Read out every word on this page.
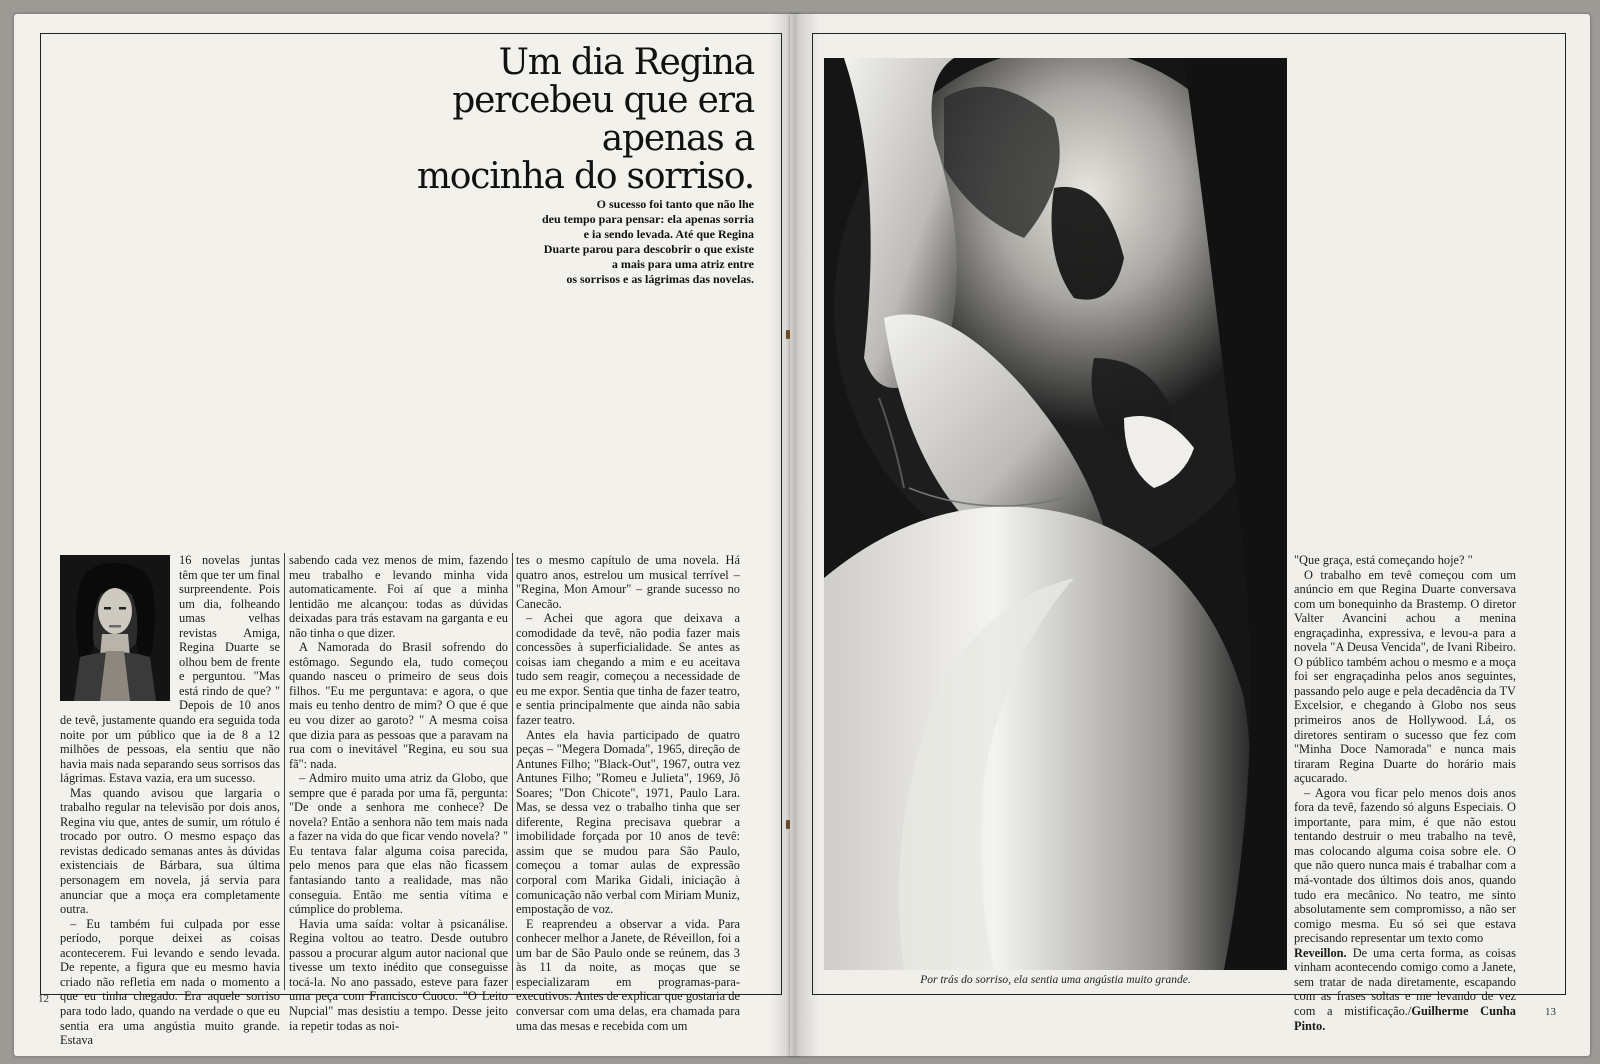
Um dia Regina
percebeu que era
apenas a
mocinha do sorriso.
O sucesso foi tanto que não lhe
deu tempo para pensar: ela apenas sorria
e ia sendo levada. Até que Regina
Duarte parou para descobrir o que existe
a mais para uma atriz entre
os sorrisos e as lágrimas das novelas.

16 novelas juntas têm que ter um final surpreendente. Pois um dia, folheando umas velhas revistas Amiga, Regina Duarte se olhou bem de frente e perguntou. "Mas está rindo de que? " Depois de 10 anos de tevê, justamente quando era seguida toda noite por um público que ia de 8 a 12 milhões de pessoas, ela sentiu que não havia mais nada separando seus sorrisos das lágrimas. Estava vazia, era um sucesso.

Mas quando avisou que largaria o trabalho regular na televisão por dois anos, Regina viu que, antes de sumir, um rótulo é trocado por outro. O mesmo espaço das revistas dedicado semanas antes às dúvidas existenciais de Bárbara, sua última personagem em novela, já servia para anunciar que a moça era completamente outra.

– Eu também fui culpada por esse período, porque deixei as coisas acontecerem. Fui levando e sendo levada. De repente, a figura que eu mesmo havia criado não refletia em nada o momento a que eu tinha chegado. Era aquele sorriso para todo lado, quando na verdade o que eu sentia era uma angústia muito grande. Estava

sabendo cada vez menos de mim, fazendo meu trabalho e levando minha vida automaticamente. Foi aí que a minha lentidão me alcançou: todas as dúvidas deixadas para trás estavam na garganta e eu não tinha o que dizer.

A Namorada do Brasil sofrendo do estômago. Segundo ela, tudo começou quando nasceu o primeiro de seus dois filhos. "Eu me perguntava: e agora, o que mais eu tenho dentro de mim? O que é que eu vou dizer ao garoto? " A mesma coisa que dizia para as pessoas que a paravam na rua com o inevitável "Regina, eu sou sua fã": nada.

– Admiro muito uma atriz da Globo, que sempre que é parada por uma fã, pergunta: "De onde a senhora me conhece? De novela? Então a senhora não tem mais nada a fazer na vida do que ficar vendo novela? " Eu tentava falar alguma coisa parecida, pelo menos para que elas não ficassem fantasiando tanto a realidade, mas não conseguia. Então me sentia vítima e cúmplice do problema.

Havia uma saída: voltar à psicanálise. Regina voltou ao teatro. Desde outubro passou a procurar algum autor nacional que tivesse um texto inédito que conseguisse tocá-la. No ano passado, esteve para fazer uma peça com Francisco Cuoco. "O Leito Nupcial" mas desistiu a tempo. Desse jeito ia repetir todas as noi-

tes o mesmo capítulo de uma novela. Há quatro anos, estrelou um musical terrível – "Regina, Mon Amour" – grande sucesso no Canecão.

– Achei que agora que deixava a comodidade da tevê, não podia fazer mais concessões à superficialidade. Se antes as coisas iam chegando a mim e eu aceitava tudo sem reagir, começou a necessidade de eu me expor. Sentia que tinha de fazer teatro, e sentia principalmente que ainda não sabia fazer teatro.

Antes ela havia participado de quatro peças – "Megera Domada", 1965, direção de Antunes Filho; "Black-Out", 1967, outra vez Antunes Filho; "Romeu e Julieta", 1969, Jô Soares; "Don Chicote", 1971, Paulo Lara. Mas, se dessa vez o trabalho tinha que ser diferente, Regina precisava quebrar a imobilidade forçada por 10 anos de tevê: assim que se mudou para São Paulo, começou a tomar aulas de expressão corporal com Marika Gidali, iniciação à comunicação não verbal com Miriam Muniz, empostação de voz.

E reaprendeu a observar a vida. Para conhecer melhor a Janete, de Réveillon, foi a um bar de São Paulo onde se reúnem, das 3 às 11 da noite, as moças que se especializaram em programas-para-executivos. Antes de explicar que gostaria de conversar com uma delas, era chamada para uma das mesas e recebida com um

Por trás do sorriso, ela sentia uma angústia muito grande.

"Que graça, está começando hoje? "

O trabalho em tevê começou com um anúncio em que Regina Duarte conversava com um bonequinho da Brastemp. O diretor Valter Avancini achou a menina engraçadinha, expressiva, e levou-a para a novela "A Deusa Vencida", de Ivani Ribeiro. O público também achou o mesmo e a moça foi ser engraçadinha pelos anos seguintes, passando pelo auge e pela decadência da TV Excelsior, e chegando à Globo nos seus primeiros anos de Hollywood. Lá, os diretores sentiram o sucesso que fez com "Minha Doce Namorada" e nunca mais tiraram Regina Duarte do horário mais açucarado.

– Agora vou ficar pelo menos dois anos fora da tevê, fazendo só alguns Especiais. O importante, para mim, é que não estou tentando destruir o meu trabalho na tevê, mas colocando alguma coisa sobre ele. O que não quero nunca mais é trabalhar com a má-vontade dos últimos dois anos, quando tudo era mecânico. No teatro, me sinto absolutamente sem compromisso, a não ser comigo mesma. Eu só sei que estava precisando representar um texto como

Reveillon. De uma certa forma, as coisas vinham acontecendo comigo como a Janete, sem tratar de nada diretamente, escapando com as frases soltas e me levando de vez com a mistificação./Guilherme Cunha Pinto.

12
13
